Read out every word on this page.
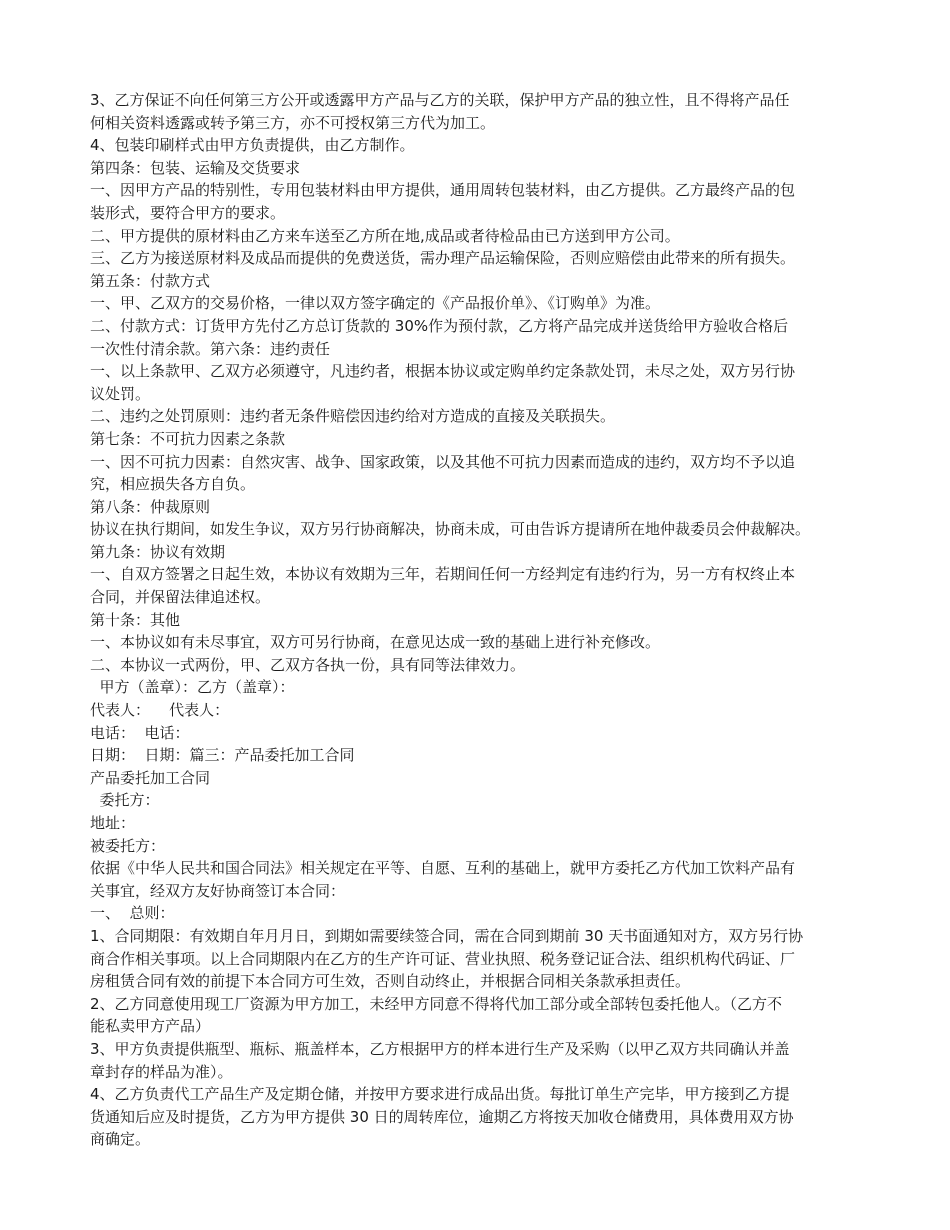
3、乙方保证不向任何第三方公开或透露甲方产品与乙方的关联，保护甲方产品的独立性，且不得将产品任
何相关资料透露或转予第三方，亦不可授权第三方代为加工。
4、包装印刷样式由甲方负责提供，由乙方制作。
第四条：包装、运输及交货要求
一、因甲方产品的特别性，专用包装材料由甲方提供，通用周转包装材料，由乙方提供。乙方最终产品的包
装形式，要符合甲方的要求。
二、甲方提供的原材料由乙方来车送至乙方所在地,成品或者待检品由已方送到甲方公司。
三、乙方为接送原材料及成品而提供的免费送货，需办理产品运输保险，否则应赔偿由此带来的所有损失。
第五条：付款方式
一、甲、乙双方的交易价格，一律以双方签字确定的《产品报价单》、《订购单》为准。
二、付款方式：订货甲方先付乙方总订货款的 30%作为预付款，乙方将产品完成并送货给甲方验收合格后
一次性付清余款。第六条：违约责任
一、以上条款甲、乙双方必须遵守，凡违约者，根据本协议或定购单约定条款处罚，未尽之处，双方另行协
议处罚。
二、违约之处罚原则：违约者无条件赔偿因违约给对方造成的直接及关联损失。
第七条：不可抗力因素之条款
一、因不可抗力因素：自然灾害、战争、国家政策，以及其他不可抗力因素而造成的违约，双方均不予以追
究，相应损失各方自负。
第八条：仲裁原则
协议在执行期间，如发生争议，双方另行协商解决，协商未成，可由告诉方提请所在地仲裁委员会仲裁解决。
第九条：协议有效期
一、自双方签署之日起生效，本协议有效期为三年，若期间任何一方经判定有违约行为，另一方有权终止本
合同，并保留法律追述权。
第十条：其他
一、本协议如有未尽事宜，双方可另行协商，在意见达成一致的基础上进行补充修改。
二、本协议一式两份，甲、乙双方各执一份，具有同等法律效力。
甲方（盖章）：乙方（盖章）：
代表人：    代表人：
电话：  电话：
日期：  日期：篇三：产品委托加工合同
产品委托加工合同
委托方：
地址：
被委托方：
依据《中华人民共和国合同法》相关规定在平等、自愿、互利的基础上，就甲方委托乙方代加工饮料产品有
关事宜，经双方友好协商签订本合同：
一、  总则：
1、合同期限：有效期自年月月日，到期如需要续签合同，需在合同到期前 30 天书面通知对方，双方另行协
商合作相关事项。以上合同期限内在乙方的生产许可证、营业执照、税务登记证合法、组织机构代码证、厂
房租赁合同有效的前提下本合同方可生效，否则自动终止，并根据合同相关条款承担责任。
2、乙方同意使用现工厂资源为甲方加工，未经甲方同意不得将代加工部分或全部转包委托他人。（乙方不
能私卖甲方产品）
3、甲方负责提供瓶型、瓶标、瓶盖样本，乙方根据甲方的样本进行生产及采购（以甲乙双方共同确认并盖
章封存的样品为准）。
4、乙方负责代工产品生产及定期仓储，并按甲方要求进行成品出货。每批订单生产完毕，甲方接到乙方提
货通知后应及时提货，乙方为甲方提供 30 日的周转库位，逾期乙方将按天加收仓储费用，具体费用双方协
商确定。
